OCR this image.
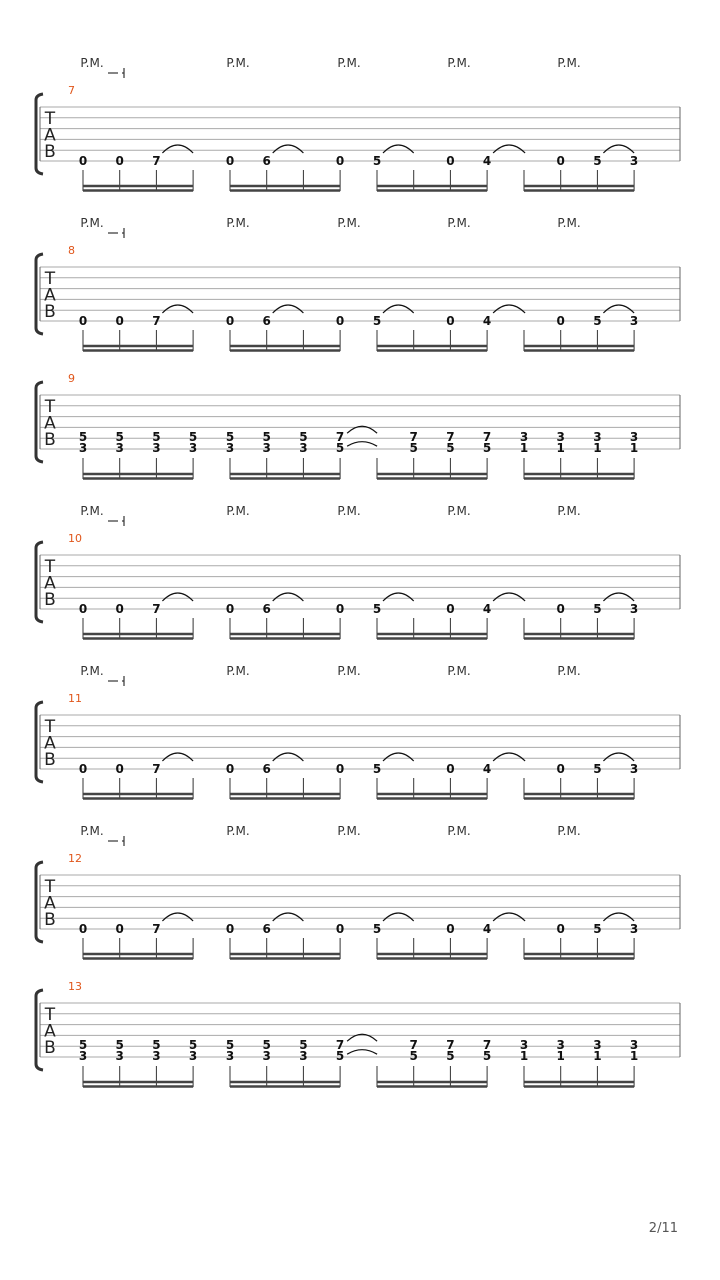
T
A
B
7
P.M.	P.M.	P.M.	P.M.	P.M.
0 0 7	0 6	0 5	0 4	0 5 3
T
A
B
8
P.M.	P.M.	P.M.	P.M.	P.M.
0 0 7	0 6	0 5	0 4	0 5 3
T
A
B
9
5
3
5
3
5
3
5
3
5
3
5
3
5
3
7
5
7
5
7
5
7
5
3
1
3
1
3
1
3
1
T
A
B
10
P.M.	P.M.	P.M.	P.M.	P.M.
0 0 7	0 6	0 5	0 4	0 5 3
T
A
B
11
P.M.	P.M.	P.M.	P.M.	P.M.
0 0 7	0 6	0 5	0 4	0 5 3
T
A
B
12
P.M.	P.M.	P.M.	P.M.	P.M.
0 0 7	0 6	0 5	0 4	0 5 3
T
A
B
13
5
3
5
3
5
3
5
3
5
3
5
3
5
3
7
5
7
5
7
5
7
5
3
1
3
1
3
1
3
1
2/11
